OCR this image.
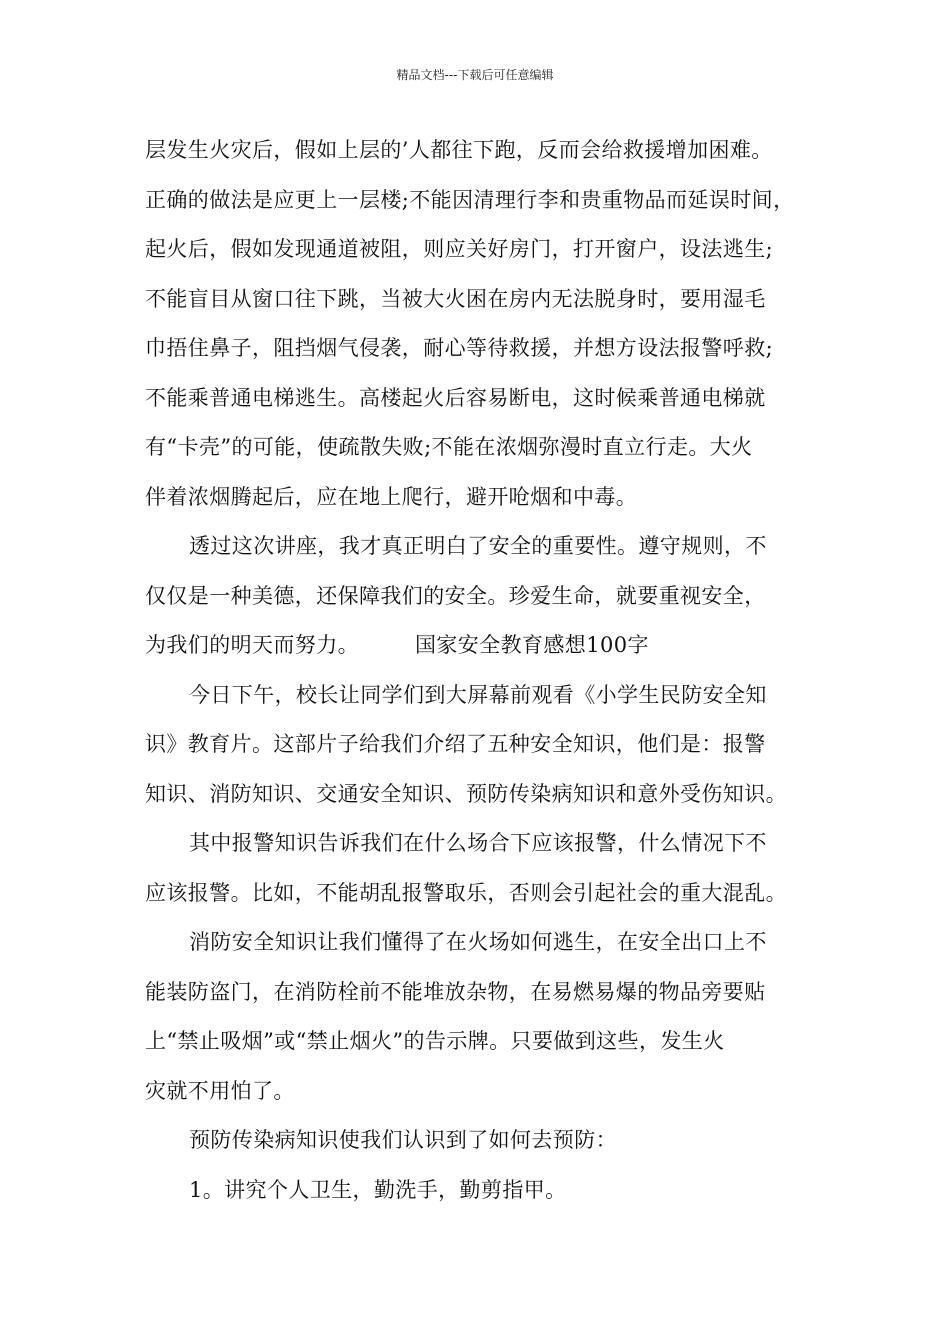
精品文档---下载后可任意编辑
层发生火灾后，假如上层的’人都往下跑，反而会给救援增加困难。
正确的做法是应更上一层楼;不能因清理行李和贵重物品而延误时间，
起火后，假如发现通道被阻，则应关好房门，打开窗户，设法逃生;
不能盲目从窗口往下跳，当被大火困在房内无法脱身时，要用湿毛
巾捂住鼻子，阻挡烟气侵袭，耐心等待救援，并想方设法报警呼救;
不能乘普通电梯逃生。高楼起火后容易断电，这时候乘普通电梯就
有“卡壳”的可能，使疏散失败;不能在浓烟弥漫时直立行走。大火
伴着浓烟腾起后，应在地上爬行，避开呛烟和中毒。
透过这次讲座，我才真正明白了安全的重要性。遵守规则，不
仅仅是一种美德，还保障我们的安全。珍爱生命，就要重视安全，
为我们的明天而努力。	国家安全教育感想100字
今日下午，校长让同学们到大屏幕前观看《小学生民防安全知
识》教育片。这部片子给我们介绍了五种安全知识，他们是：报警
知识、消防知识、交通安全知识、预防传染病知识和意外受伤知识。
其中报警知识告诉我们在什么场合下应该报警，什么情况下不
应该报警。比如，不能胡乱报警取乐，否则会引起社会的重大混乱。
消防安全知识让我们懂得了在火场如何逃生，在安全出口上不
能装防盗门，在消防栓前不能堆放杂物，在易燃易爆的物品旁要贴
上“禁止吸烟”或“禁止烟火”的告示牌。只要做到这些，发生火
灾就不用怕了。
预防传染病知识使我们认识到了如何去预防：
1。讲究个人卫生，勤洗手，勤剪指甲。
